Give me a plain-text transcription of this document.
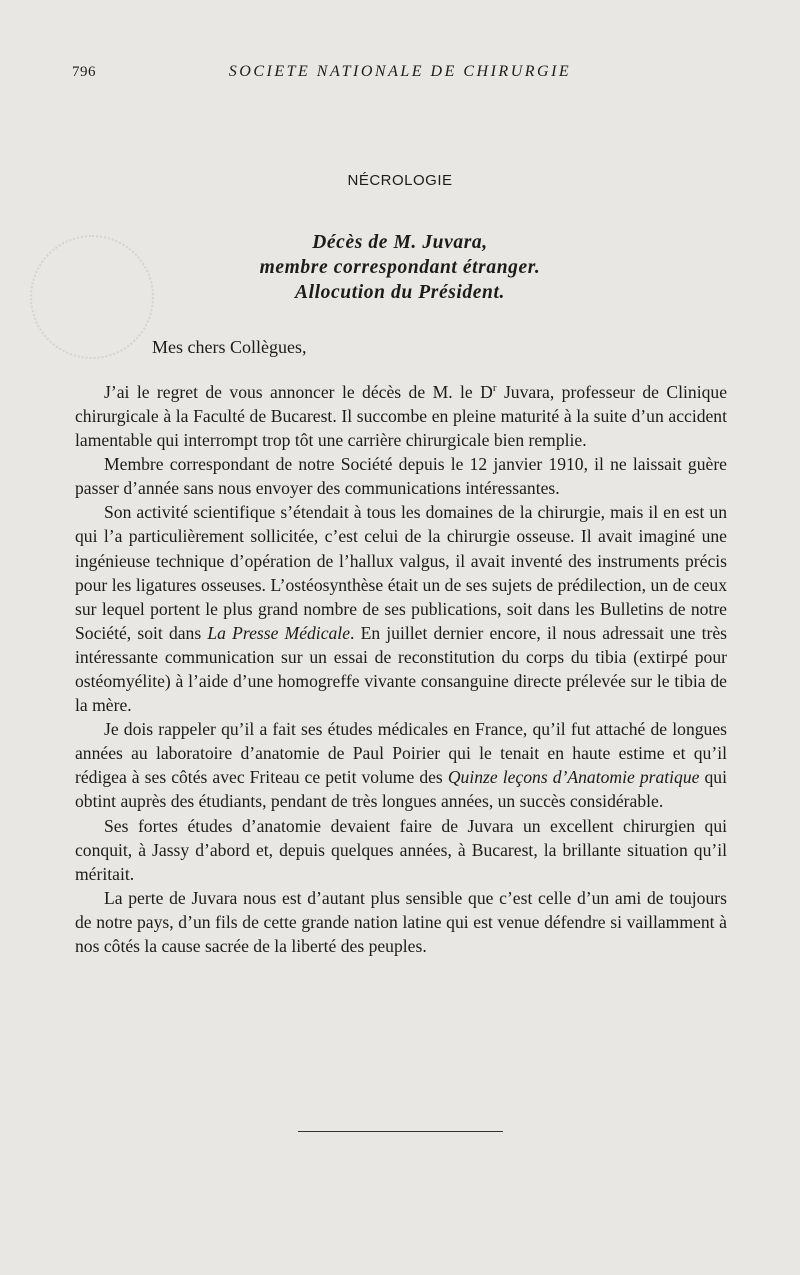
796	SOCIETE NATIONALE DE CHIRURGIE
NÉCROLOGIE
Décès de M. Juvara,
membre correspondant étranger.
Allocution du Président.
Mes chers Collègues,

J’ai le regret de vous annoncer le décès de M. le $D^r$ Juvara, professeur de Clinique chirurgicale à la Faculté de Bucarest. Il succombe en pleine maturité à la suite d’un accident lamentable qui interrompt trop tôt une carrière chirurgicale bien remplie.

Membre correspondant de notre Société depuis le 12 janvier 1910, il ne laissait guère passer d’année sans nous envoyer des communications intéressantes.

Son activité scientifique s’étendait à tous les domaines de la chirurgie, mais il en est un qui l’a particulièrement sollicitée, c’est celui de la chirurgie osseuse. Il avait imaginé une ingénieuse technique d’opération de l’hallux valgus, il avait inventé des instruments précis pour les ligatures osseuses. L’ostéosynthèse était un de ses sujets de prédilection, un de ceux sur lequel portent le plus grand nombre de ses publications, soit dans les Bulletins de notre Société, soit dans La Presse Médicale. En juillet dernier encore, il nous adressait une très intéressante communication sur un essai de reconstitution du corps du tibia (extirpé pour ostéomyélite) à l’aide d’une homogreffe vivante consanguine directe prélevée sur le tibia de la mère.

Je dois rappeler qu’il a fait ses études médicales en France, qu’il fut attaché de longues années au laboratoire d’anatomie de Paul Poirier qui le tenait en haute estime et qu’il rédigea à ses côtés avec Friteau ce petit volume des Quinze leçons d’Anatomie pratique qui obtint auprès des étudiants, pendant de très longues années, un succès considérable.

Ses fortes études d’anatomie devaient faire de Juvara un excellent chirurgien qui conquit, à Jassy d’abord et, depuis quelques années, à Bucarest, la brillante situation qu’il méritait.

La perte de Juvara nous est d’autant plus sensible que c’est celle d’un ami de toujours de notre pays, d’un fils de cette grande nation latine qui est venue défendre si vaillamment à nos côtés la cause sacrée de la liberté des peuples.
